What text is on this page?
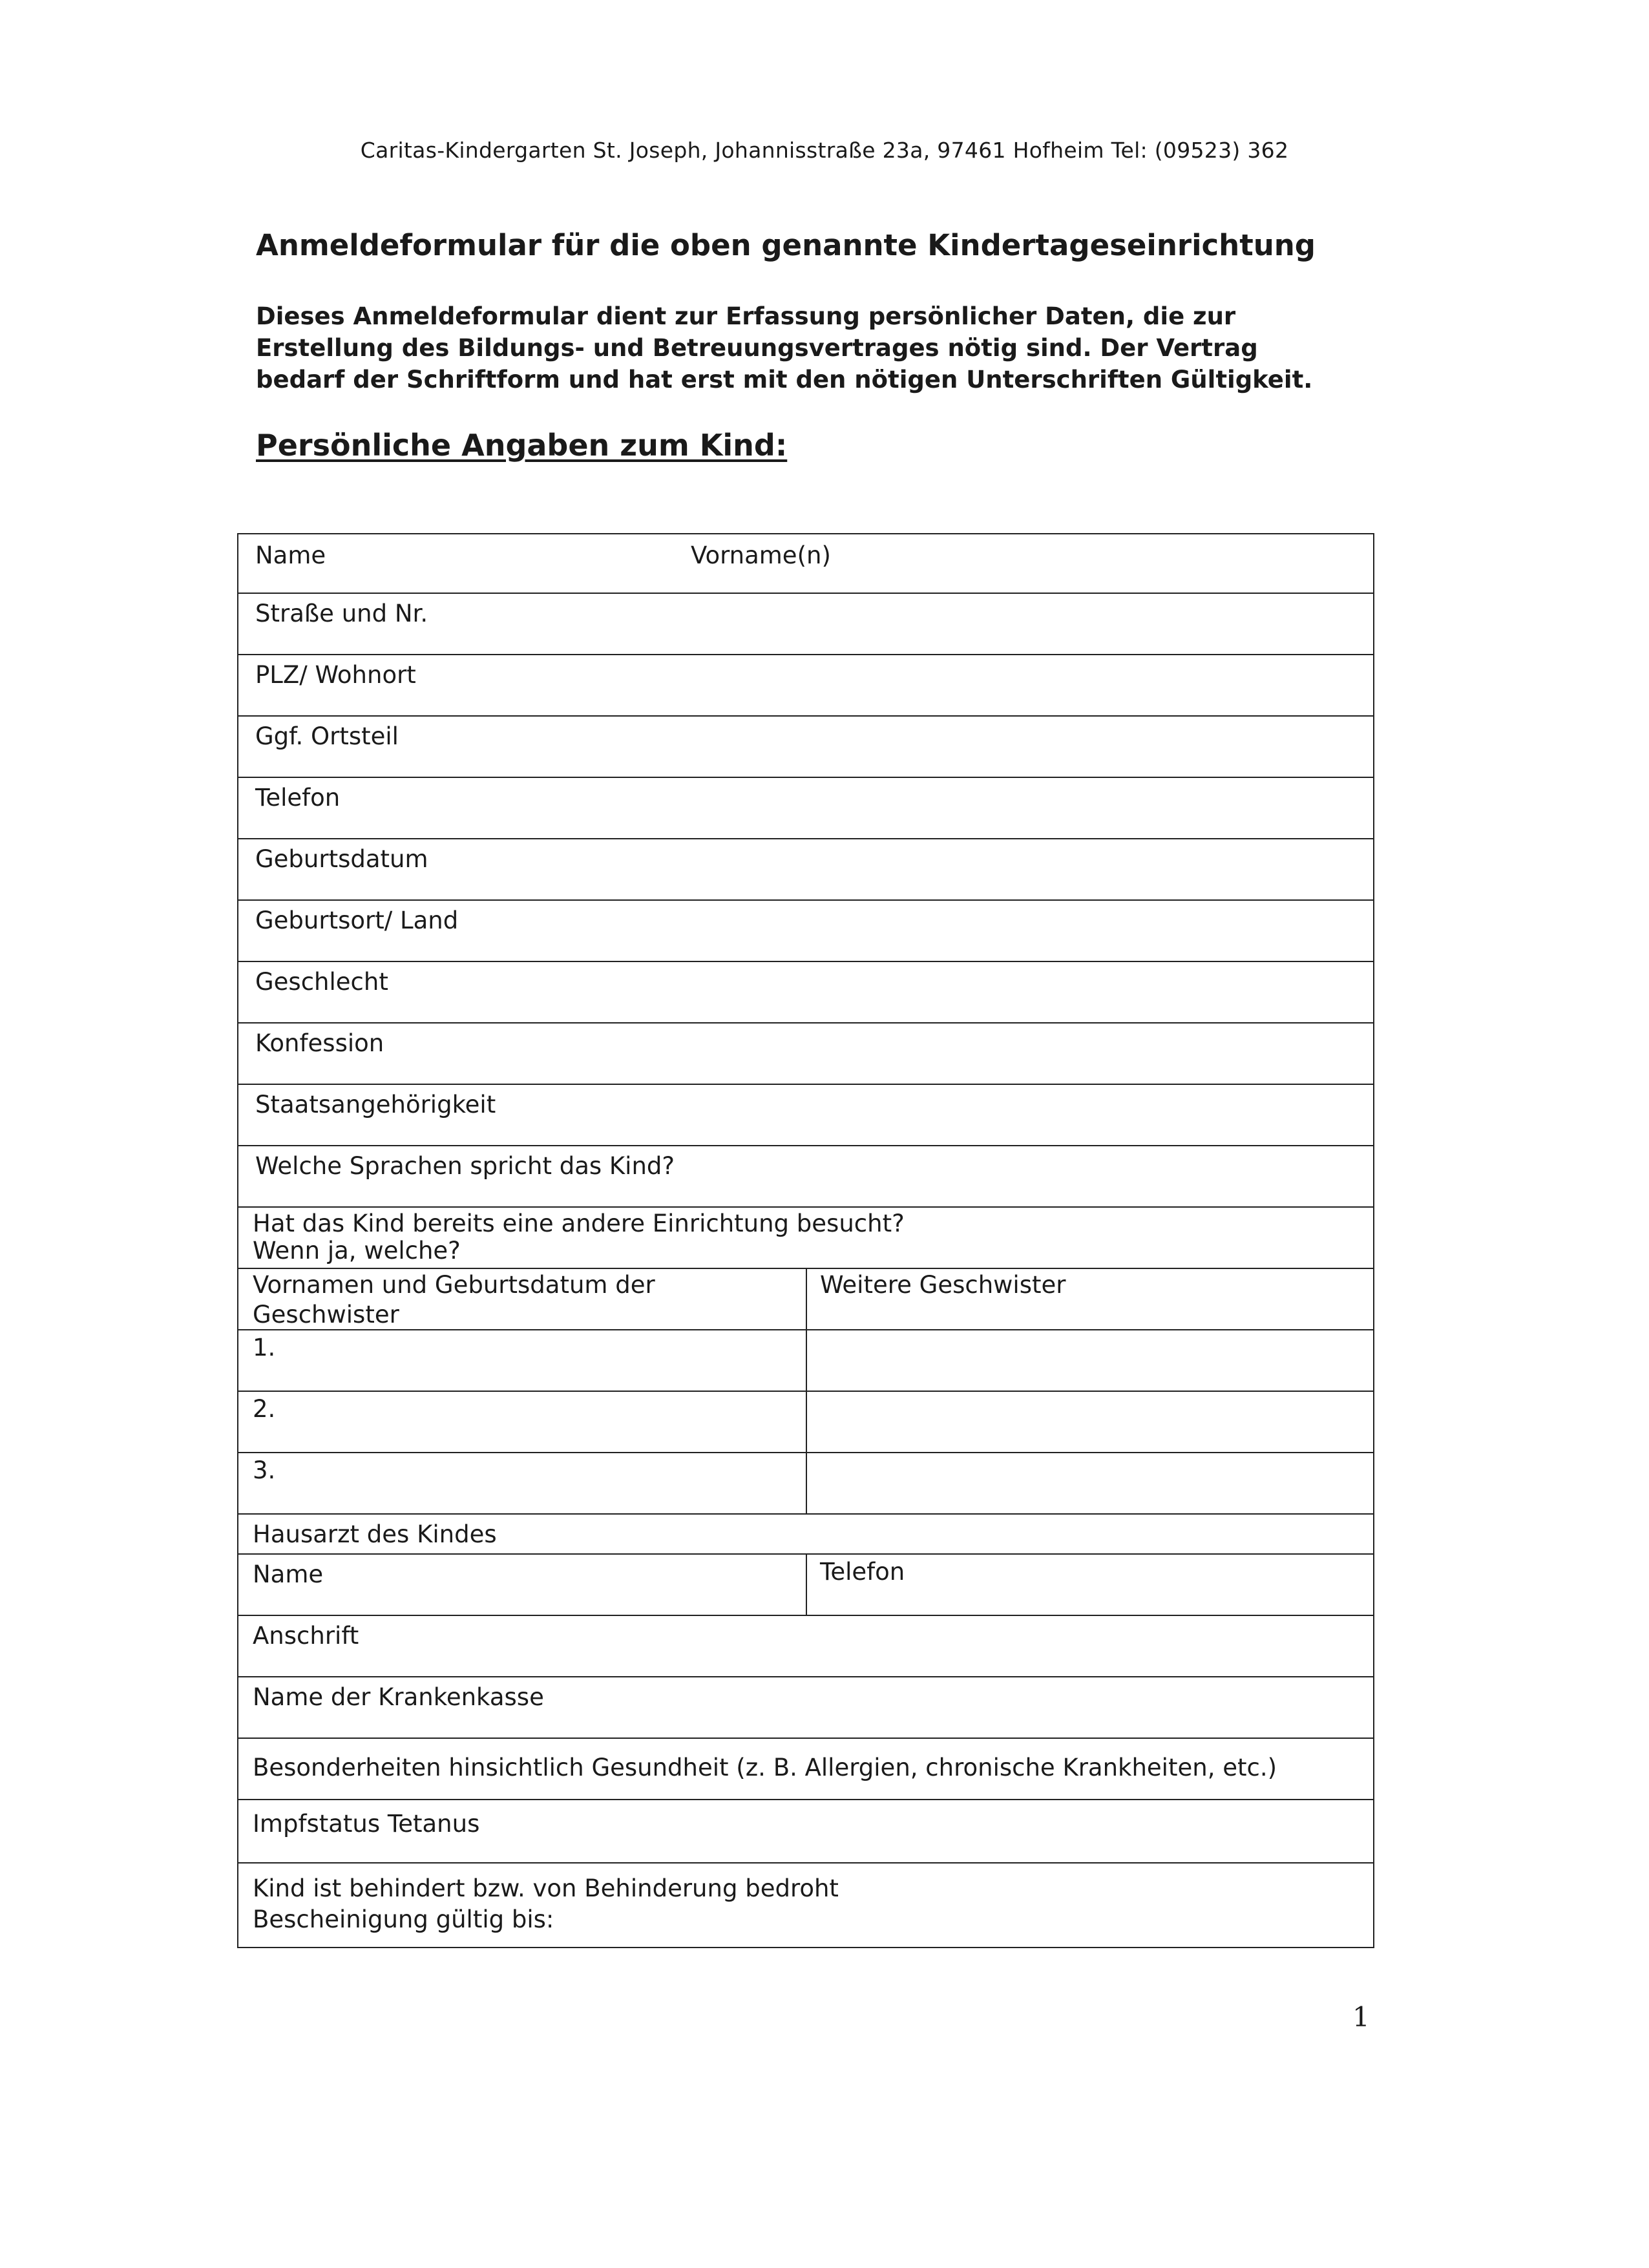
Caritas-Kindergarten St. Joseph, Johannisstraße 23a, 97461 Hofheim Tel: (09523) 362
Anmeldeformular für die oben genannte Kindertageseinrichtung
Dieses Anmeldeformular dient zur Erfassung persönlicher Daten, die zur
Erstellung des Bildungs- und Betreuungsvertrages nötig sind. Der Vertrag
bedarf der Schriftform und hat erst mit den nötigen Unterschriften Gültigkeit.
Persönliche Angaben zum Kind:
Name	Vorname(n)
Straße und Nr.
PLZ/ Wohnort
Ggf. Ortsteil
Telefon
Geburtsdatum
Geburtsort/ Land
Geschlecht
Konfession
Staatsangehörigkeit
Welche Sprachen spricht das Kind?
Hat das Kind bereits eine andere Einrichtung besucht?
Wenn ja, welche?
Vornamen und Geburtsdatum der
Geschwister
Weitere Geschwister
1.
2.
3.
Hausarzt des Kindes
Name	Telefon
Anschrift
Name der Krankenkasse
Besonderheiten hinsichtlich Gesundheit (z. B. Allergien, chronische Krankheiten, etc.)
Impfstatus Tetanus
Kind ist behindert bzw. von Behinderung bedroht
Bescheinigung gültig bis:
1
